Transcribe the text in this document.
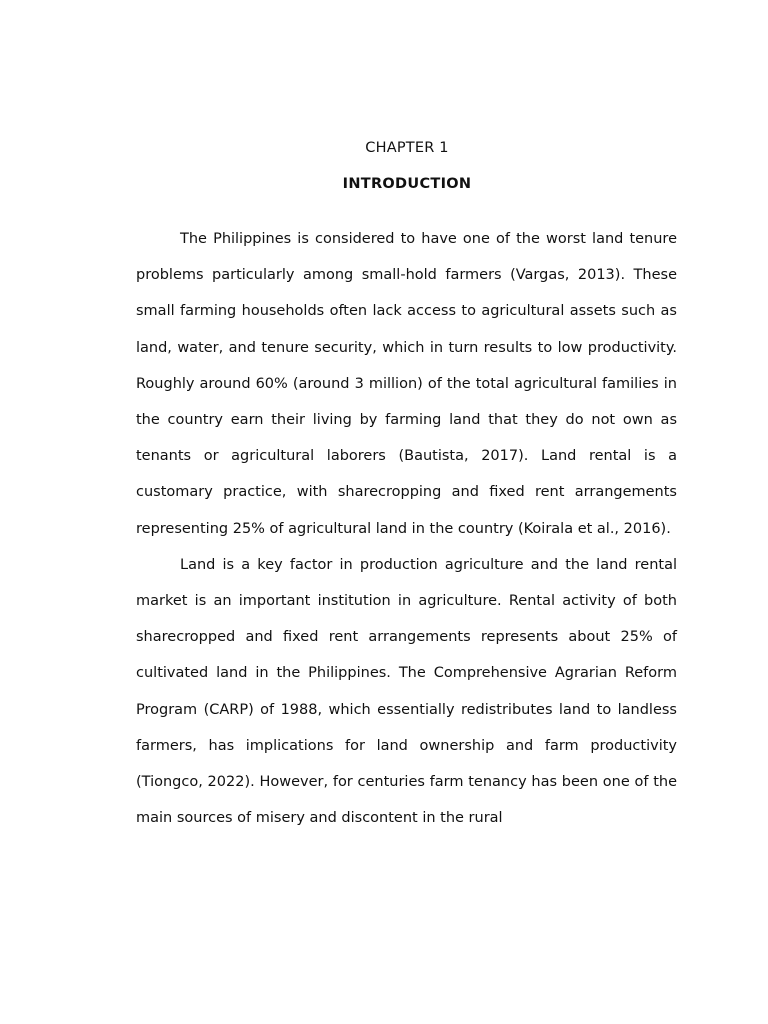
CHAPTER 1
INTRODUCTION

The Philippines is considered to have one of the worst land tenure problems particularly among small-hold farmers (Vargas, 2013). These small farming households often lack access to agricultural assets such as land, water, and tenure security, which in turn results to low productivity. Roughly around 60% (around 3 million) of the total agricultural families in the country earn their living by farming land that they do not own as tenants or agricultural laborers (Bautista, 2017). Land rental is a customary practice, with sharecropping and fixed rent arrangements representing 25% of agricultural land in the country (Koirala et al., 2016).

Land is a key factor in production agriculture and the land rental market is an important institution in agriculture. Rental activity of both sharecropped and fixed rent arrangements represents about 25% of cultivated land in the Philippines. The Comprehensive Agrarian Reform Program (CARP) of 1988, which essentially redistributes land to landless farmers, has implications for land ownership and farm productivity (Tiongco, 2022). However, for centuries farm tenancy has been one of the main sources of misery and discontent in the rural
